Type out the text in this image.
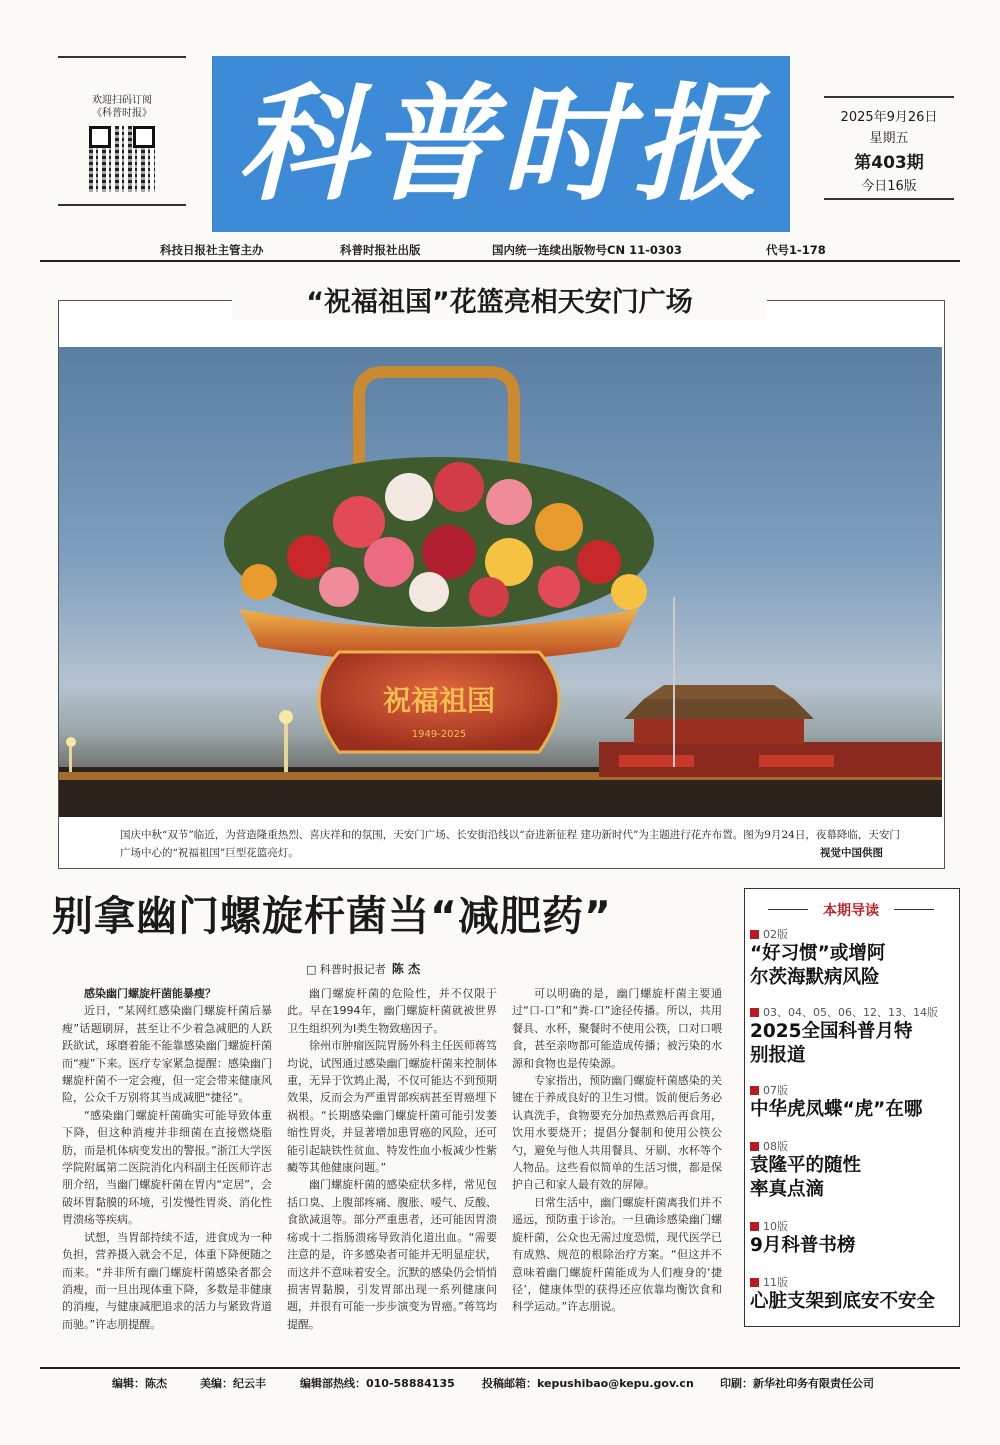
欢迎扫码订阅
《科普时报》 科普时报	2025年9月26日
星期五
第403期
今日16版
科技日报社主管主办	科普时报社出版	国内统一连续出版物号CN 11-0303	代号1-178
“祝福祖国”花篮亮相天安门广场
祝福祖国
1949-2025
国庆中秋“双节”临近，为营造隆重热烈、喜庆祥和的氛围，天安门广场、长安街沿线以“奋进新征程 建功新时代”为主题进行花卉布置。图为9月24日，夜幕降临，天安门广场中心的“祝福祖国”巨型花篮亮灯。	视觉中国供图
别拿幽门螺旋杆菌当“减肥药”
□ 科普时报记者 陈 杰

感染幽门螺旋杆菌能暴瘦？

近日，“某网红感染幽门螺旋杆菌后暴瘦”话题刷屏，甚至让不少着急减肥的人跃跃欲试，琢磨着能不能靠感染幽门螺旋杆菌而“瘦”下来。医疗专家紧急提醒：感染幽门螺旋杆菌不一定会瘦，但一定会带来健康风险，公众千万别将其当成减肥“捷径”。

“感染幽门螺旋杆菌确实可能导致体重下降，但这种消瘦并非细菌在直接燃烧脂肪，而是机体病变发出的警报。”浙江大学医学院附属第二医院消化内科副主任医师许志朋介绍，当幽门螺旋杆菌在胃内“定居”，会破坏胃黏膜的环境，引发慢性胃炎、消化性胃溃疡等疾病。

试想，当胃部持续不适，进食成为一种负担，营养摄入就会不足，体重下降便随之而来。“并非所有幽门螺旋杆菌感染者都会消瘦，而一旦出现体重下降，多数是非健康的消瘦，与健康减肥追求的活力与紧致背道而驰。”许志朋提醒。

幽门螺旋杆菌的危险性，并不仅限于此。早在1994年，幽门螺旋杆菌就被世界卫生组织列为Ⅰ类生物致癌因子。

徐州市肿瘤医院胃肠外科主任医师蒋笃均说，试图通过感染幽门螺旋杆菌来控制体重，无异于饮鸩止渴，不仅可能达不到预期效果，反而会为严重胃部疾病甚至胃癌埋下祸根。“长期感染幽门螺旋杆菌可能引发萎缩性胃炎，并显著增加患胃癌的风险，还可能引起缺铁性贫血、特发性血小板减少性紫癜等其他健康问题。”

幽门螺旋杆菌的感染症状多样，常见包括口臭、上腹部疼痛、腹胀、嗳气、反酸、食欲减退等。部分严重患者，还可能因胃溃疡或十二指肠溃疡导致消化道出血。“需要注意的是，许多感染者可能并无明显症状，而这并不意味着安全。沉默的感染仍会悄悄损害胃黏膜，引发胃部出现一系列健康问题，并很有可能一步步演变为胃癌。”蒋笃均提醒。

可以明确的是，幽门螺旋杆菌主要通过“口-口”和“粪-口”途径传播。所以，共用餐具、水杯，聚餐时不使用公筷，口对口喂食，甚至亲吻都可能造成传播；被污染的水源和食物也是传染源。

专家指出，预防幽门螺旋杆菌感染的关键在于养成良好的卫生习惯。饭前便后务必认真洗手，食物要充分加热煮熟后再食用，饮用水要烧开；提倡分餐制和使用公筷公勺，避免与他人共用餐具、牙刷、水杯等个人物品。这些看似简单的生活习惯，都是保护自己和家人最有效的屏障。

日常生活中，幽门螺旋杆菌离我们并不遥远，预防重于诊治。一旦确诊感染幽门螺旋杆菌，公众也无需过度恐慌，现代医学已有成熟、规范的根除治疗方案。“但这并不意味着幽门螺旋杆菌能成为人们瘦身的‘捷径’，健康体型的获得还应依靠均衡饮食和科学运动。”许志朋说。

本期导读
02版
“好习惯”或增阿尔茨海默病风险
03、04、05、06、12、13、14版
2025全国科普月特别报道
07版
中华虎凤蝶“虎”在哪
08版
袁隆平的随性率真点滴
10版
9月科普书榜
11版
心脏支架到底安不安全
编辑：陈杰	美编：纪云丰	编辑部热线：010-58884135 投稿邮箱：kepushibao@kepu.gov.cn 印刷：新华社印务有限责任公司
